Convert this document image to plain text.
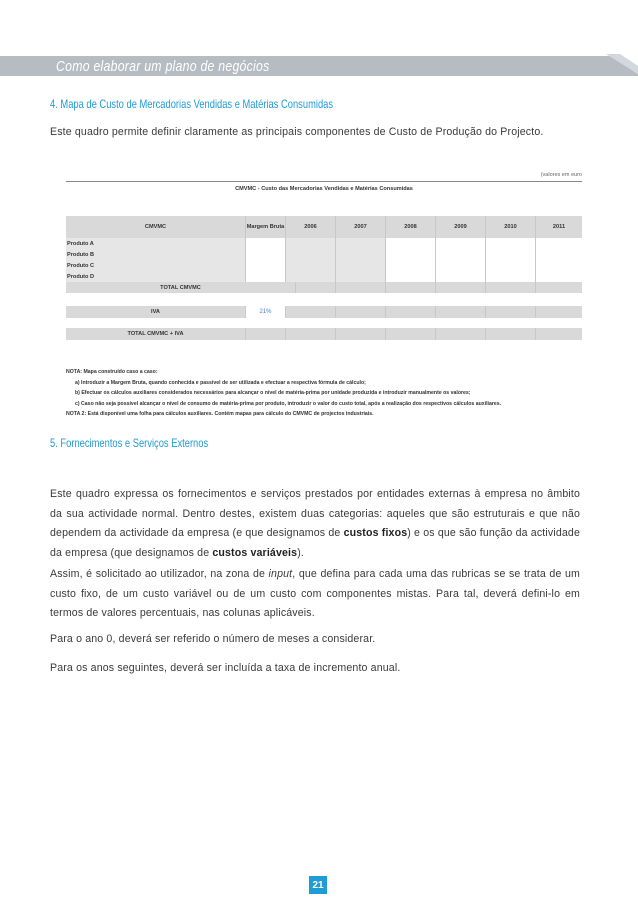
Como elaborar um plano de negócios
4. Mapa de Custo de Mercadorias Vendidas e Matérias Consumidas
Este quadro permite definir claramente as principais componentes de Custo de Produção do Projecto.
(valores em euro
CMVMC - Custo das Mercadorias Vendidas e Matérias Consumidas
CMVMC	Margem Bruta	2006	2007	2008	2009	2010	2011
Produto A
Produto B
Produto C
Produto D
TOTAL CMVMC
IVA	21%
TOTAL CMVMC + IVA
NOTA: Mapa construído caso a caso:
a) Introduzir a Margem Bruta, quando conhecida e passível de ser utilizada e efectuar a respectiva fórmula de cálculo;
b) Efectuar os cálculos auxiliares considerados necessários para alcançar o nível de matéria-prima por unidade produzida e introduzir manualmente os valores;
c) Caso não seja possível alcançar o nível de consumo de matéria-prima por produto, introduzir o valor do custo total, após a realização dos respectivos cálculos auxiliares.
NOTA 2: Está disponível uma folha para cálculos auxiliares. Contém mapas para cálculo do CMVMC de projectos industriais.
5. Fornecimentos e Serviços Externos
Este quadro expressa os fornecimentos e serviços prestados por entidades externas à empresa no âmbito da sua actividade normal. Dentro destes, existem duas categorias: aqueles que são estruturais e que não dependem da actividade da empresa (e que designamos de custos fixos) e os que são função da actividade da empresa (que designamos de custos variáveis).
Assim, é solicitado ao utilizador, na zona de input, que defina para cada uma das rubricas se se trata de um custo fixo, de um custo variável ou de um custo com componentes mistas. Para tal, deverá defini-lo em termos de valores percentuais, nas colunas aplicáveis.
Para o ano 0, deverá ser referido o número de meses a considerar.
Para os anos seguintes, deverá ser incluída a taxa de incremento anual.
21
